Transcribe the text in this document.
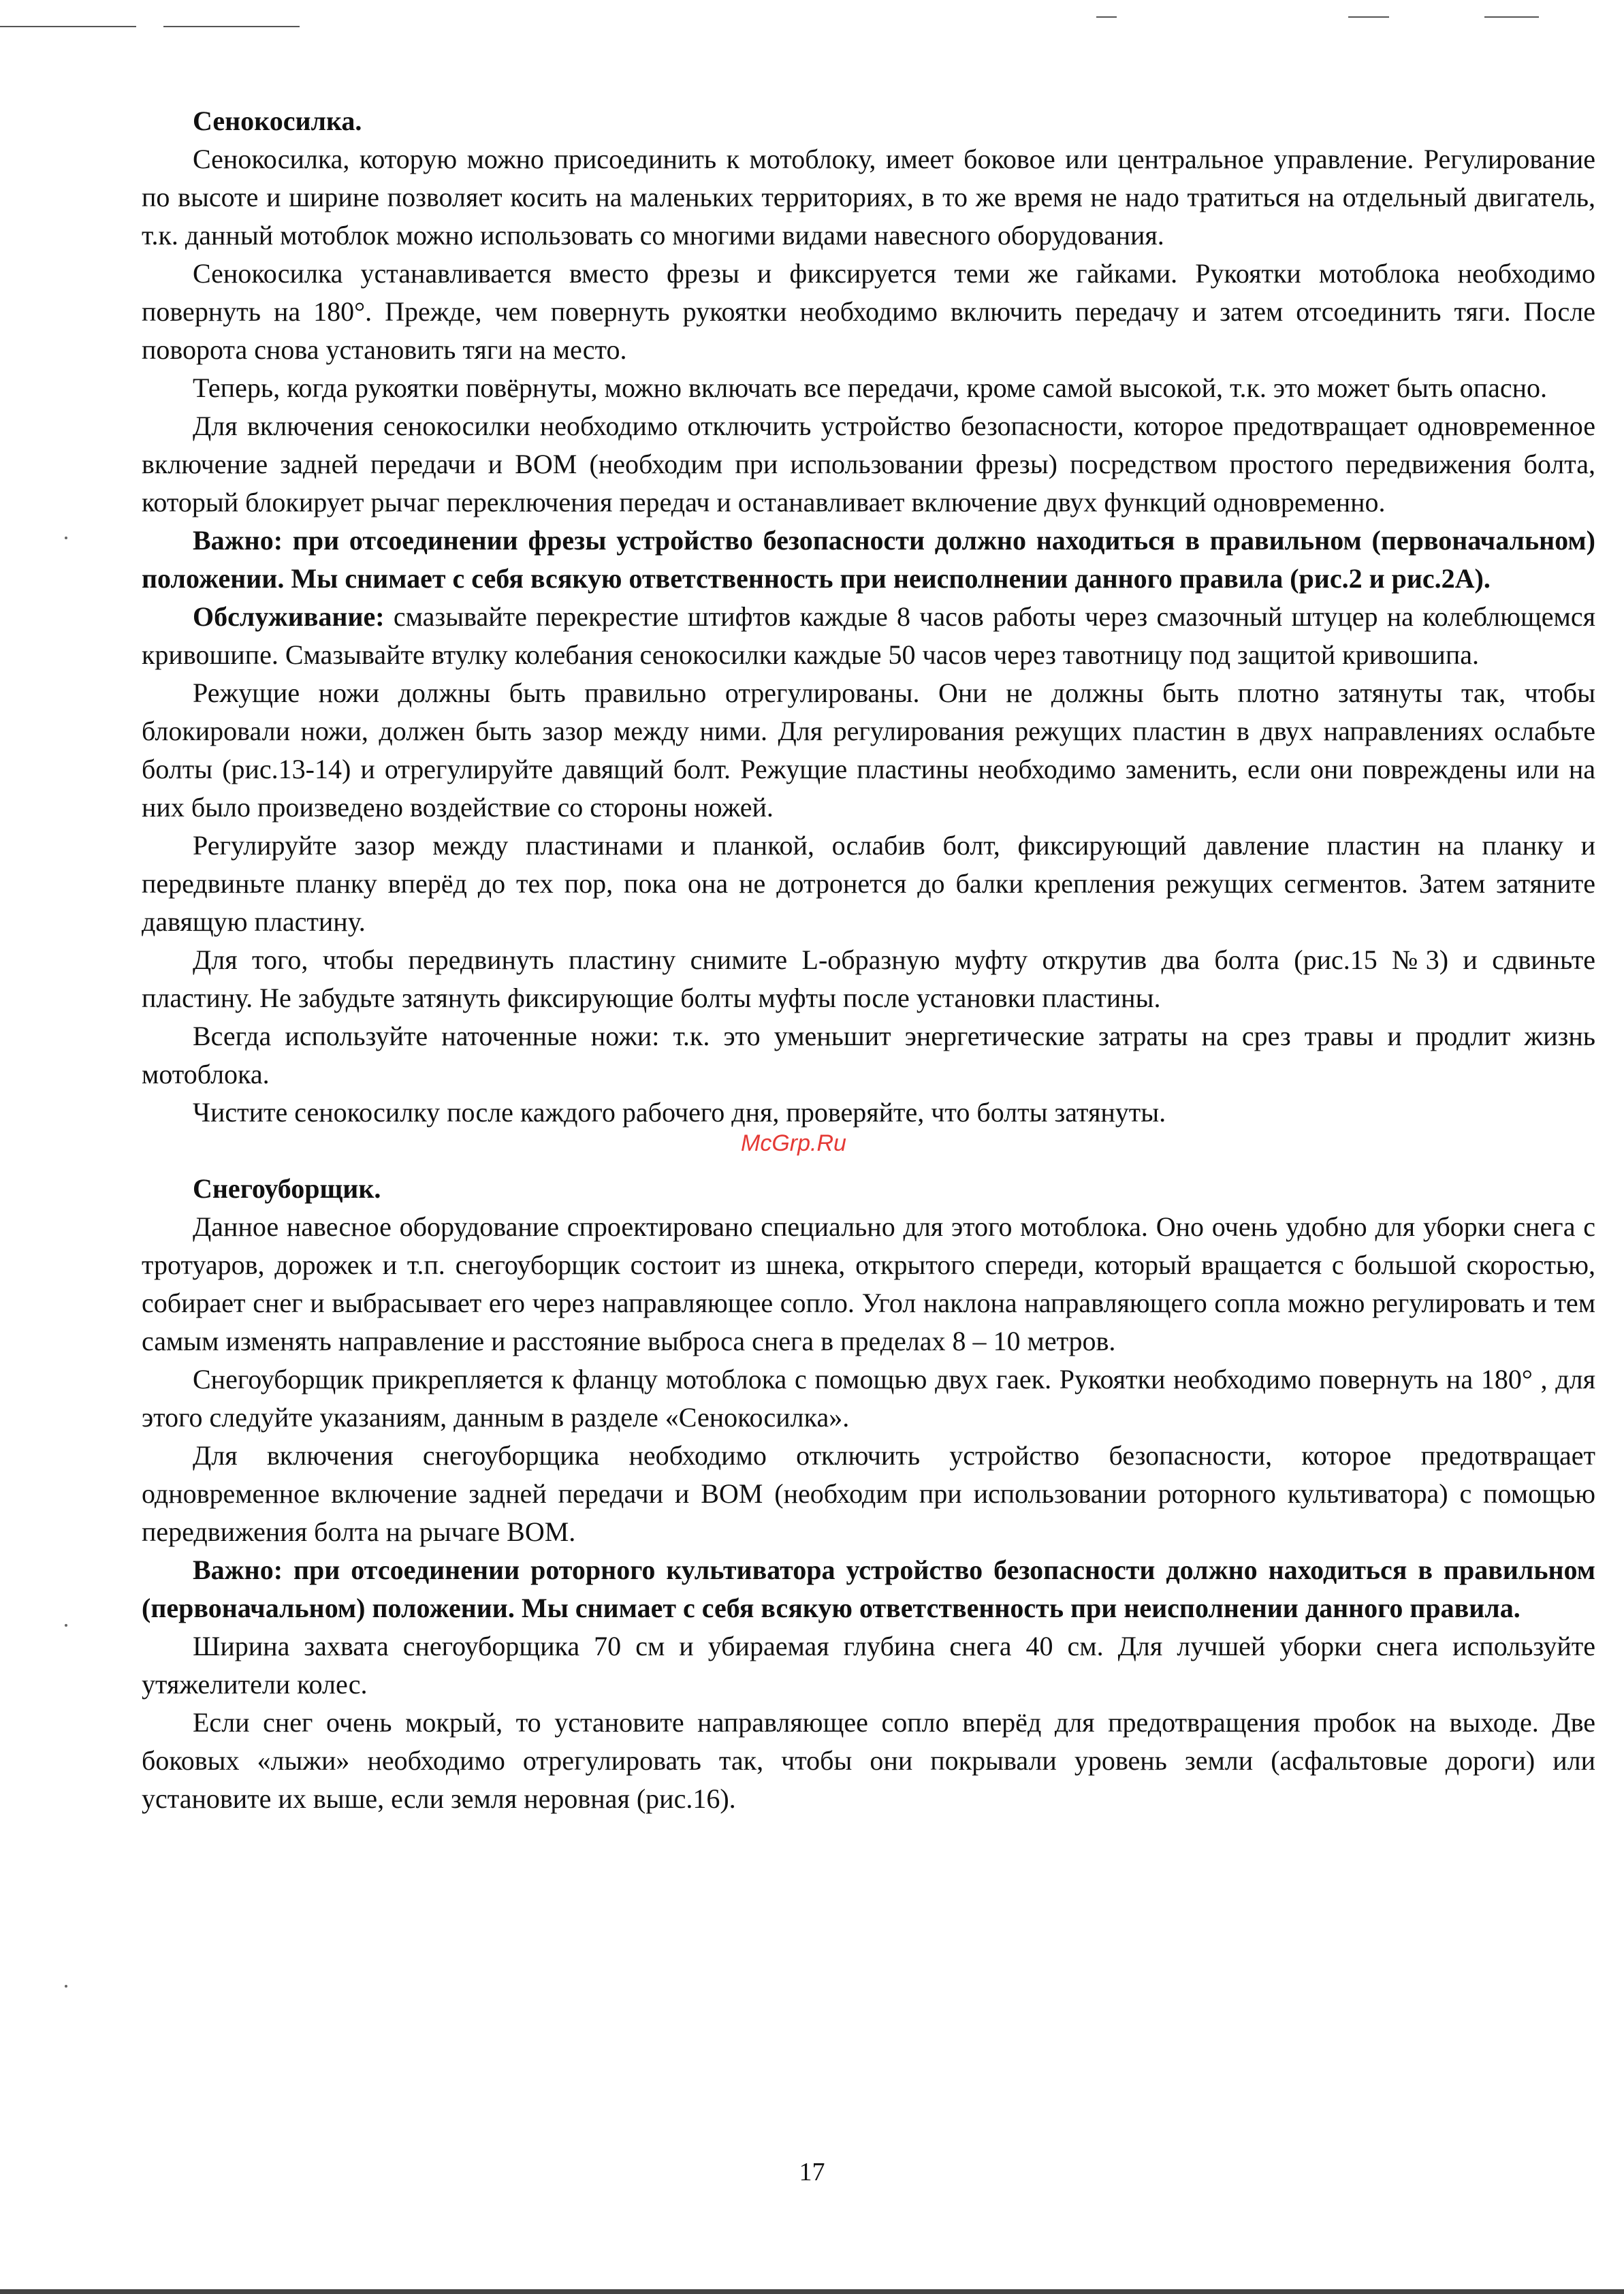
Сенокосилка.

Сенокосилка, которую можно присоединить к мотоблоку, имеет боковое или центральное управление. Регулирование по высоте и ширине позволяет косить на маленьких территориях, в то же время не надо тратиться на отдельный двигатель, т.к. данный мотоблок можно использовать со многими видами навесного оборудования.

Сенокосилка устанавливается вместо фрезы и фиксируется теми же гайками. Рукоятки мотоблока необходимо повернуть на 180°. Прежде, чем повернуть рукоятки необходимо включить передачу и затем отсоединить тяги. После поворота снова установить тяги на место.

Теперь, когда рукоятки повёрнуты, можно включать все передачи, кроме самой высокой, т.к. это может быть опасно.

Для включения сенокосилки необходимо отключить устройство безопасности, которое предотвращает одновременное включение задней передачи и ВОМ (необходим при использовании фрезы) посредством простого передвижения болта, который блокирует рычаг переключения передач и останавливает включение двух функций одновременно.

Важно: при отсоединении фрезы устройство безопасности должно находиться в правильном (первоначальном) положении. Мы снимает с себя всякую ответственность при неисполнении данного правила (рис.2 и рис.2А).

Обслуживание: смазывайте перекрестие штифтов каждые 8 часов работы через смазочный штуцер на колеблющемся кривошипе. Смазывайте втулку колебания сенокосилки каждые 50 часов через тавотницу под защитой кривошипа.

Режущие ножи должны быть правильно отрегулированы. Они не должны быть плотно затянуты так, чтобы блокировали ножи, должен быть зазор между ними. Для регулирования режущих пластин в двух направлениях ослабьте болты (рис.13-14) и отрегулируйте давящий болт. Режущие пластины необходимо заменить, если они повреждены или на них было произведено воздействие со стороны ножей.

Регулируйте зазор между пластинами и планкой, ослабив болт, фиксирующий давление пластин на планку и передвиньте планку вперёд до тех пор, пока она не дотронется до балки крепления режущих сегментов. Затем затяните давящую пластину.

Для того, чтобы передвинуть пластину снимите L-образную муфту открутив два болта (рис.15 №3) и сдвиньте пластину. Не забудьте затянуть фиксирующие болты муфты после установки пластины.

Всегда используйте наточенные ножи: т.к. это уменьшит энергетические затраты на срез травы и продлит жизнь мотоблока.

Чистите сенокосилку после каждого рабочего дня, проверяйте, что болты затянуты.

Снегоуборщик.

Данное навесное оборудование спроектировано специально для этого мотоблока. Оно очень удобно для уборки снега с тротуаров, дорожек и т.п. снегоуборщик состоит из шнека, открытого спереди, который вращается с большой скоростью, собирает снег и выбрасывает его через направляющее сопло. Угол наклона направляющего сопла можно регулировать и тем самым изменять направление и расстояние выброса снега в пределах 8 – 10 метров.

Снегоуборщик прикрепляется к фланцу мотоблока с помощью двух гаек. Рукоятки необходимо повернуть на 180° , для этого следуйте указаниям, данным в разделе «Сенокосилка».

Для включения снегоуборщика необходимо отключить устройство безопасности, которое предотвращает одновременное включение задней передачи и ВОМ (необходим при использовании роторного культиватора) с помощью передвижения болта на рычаге ВОМ.

Важно: при отсоединении роторного культиватора устройство безопасности должно находиться в правильном (первоначальном) положении. Мы снимает с себя всякую ответственность при неисполнении данного правила.

Ширина захвата снегоуборщика 70 см и убираемая глубина снега 40 см. Для лучшей уборки снега используйте утяжелители колес.

Если снег очень мокрый, то установите направляющее сопло вперёд для предотвращения пробок на выходе. Две боковых «лыжи» необходимо отрегулировать так, чтобы они покрывали уровень земли (асфальтовые дороги) или установите их выше, если земля неровная (рис.16).

McGrp.Ru
17
